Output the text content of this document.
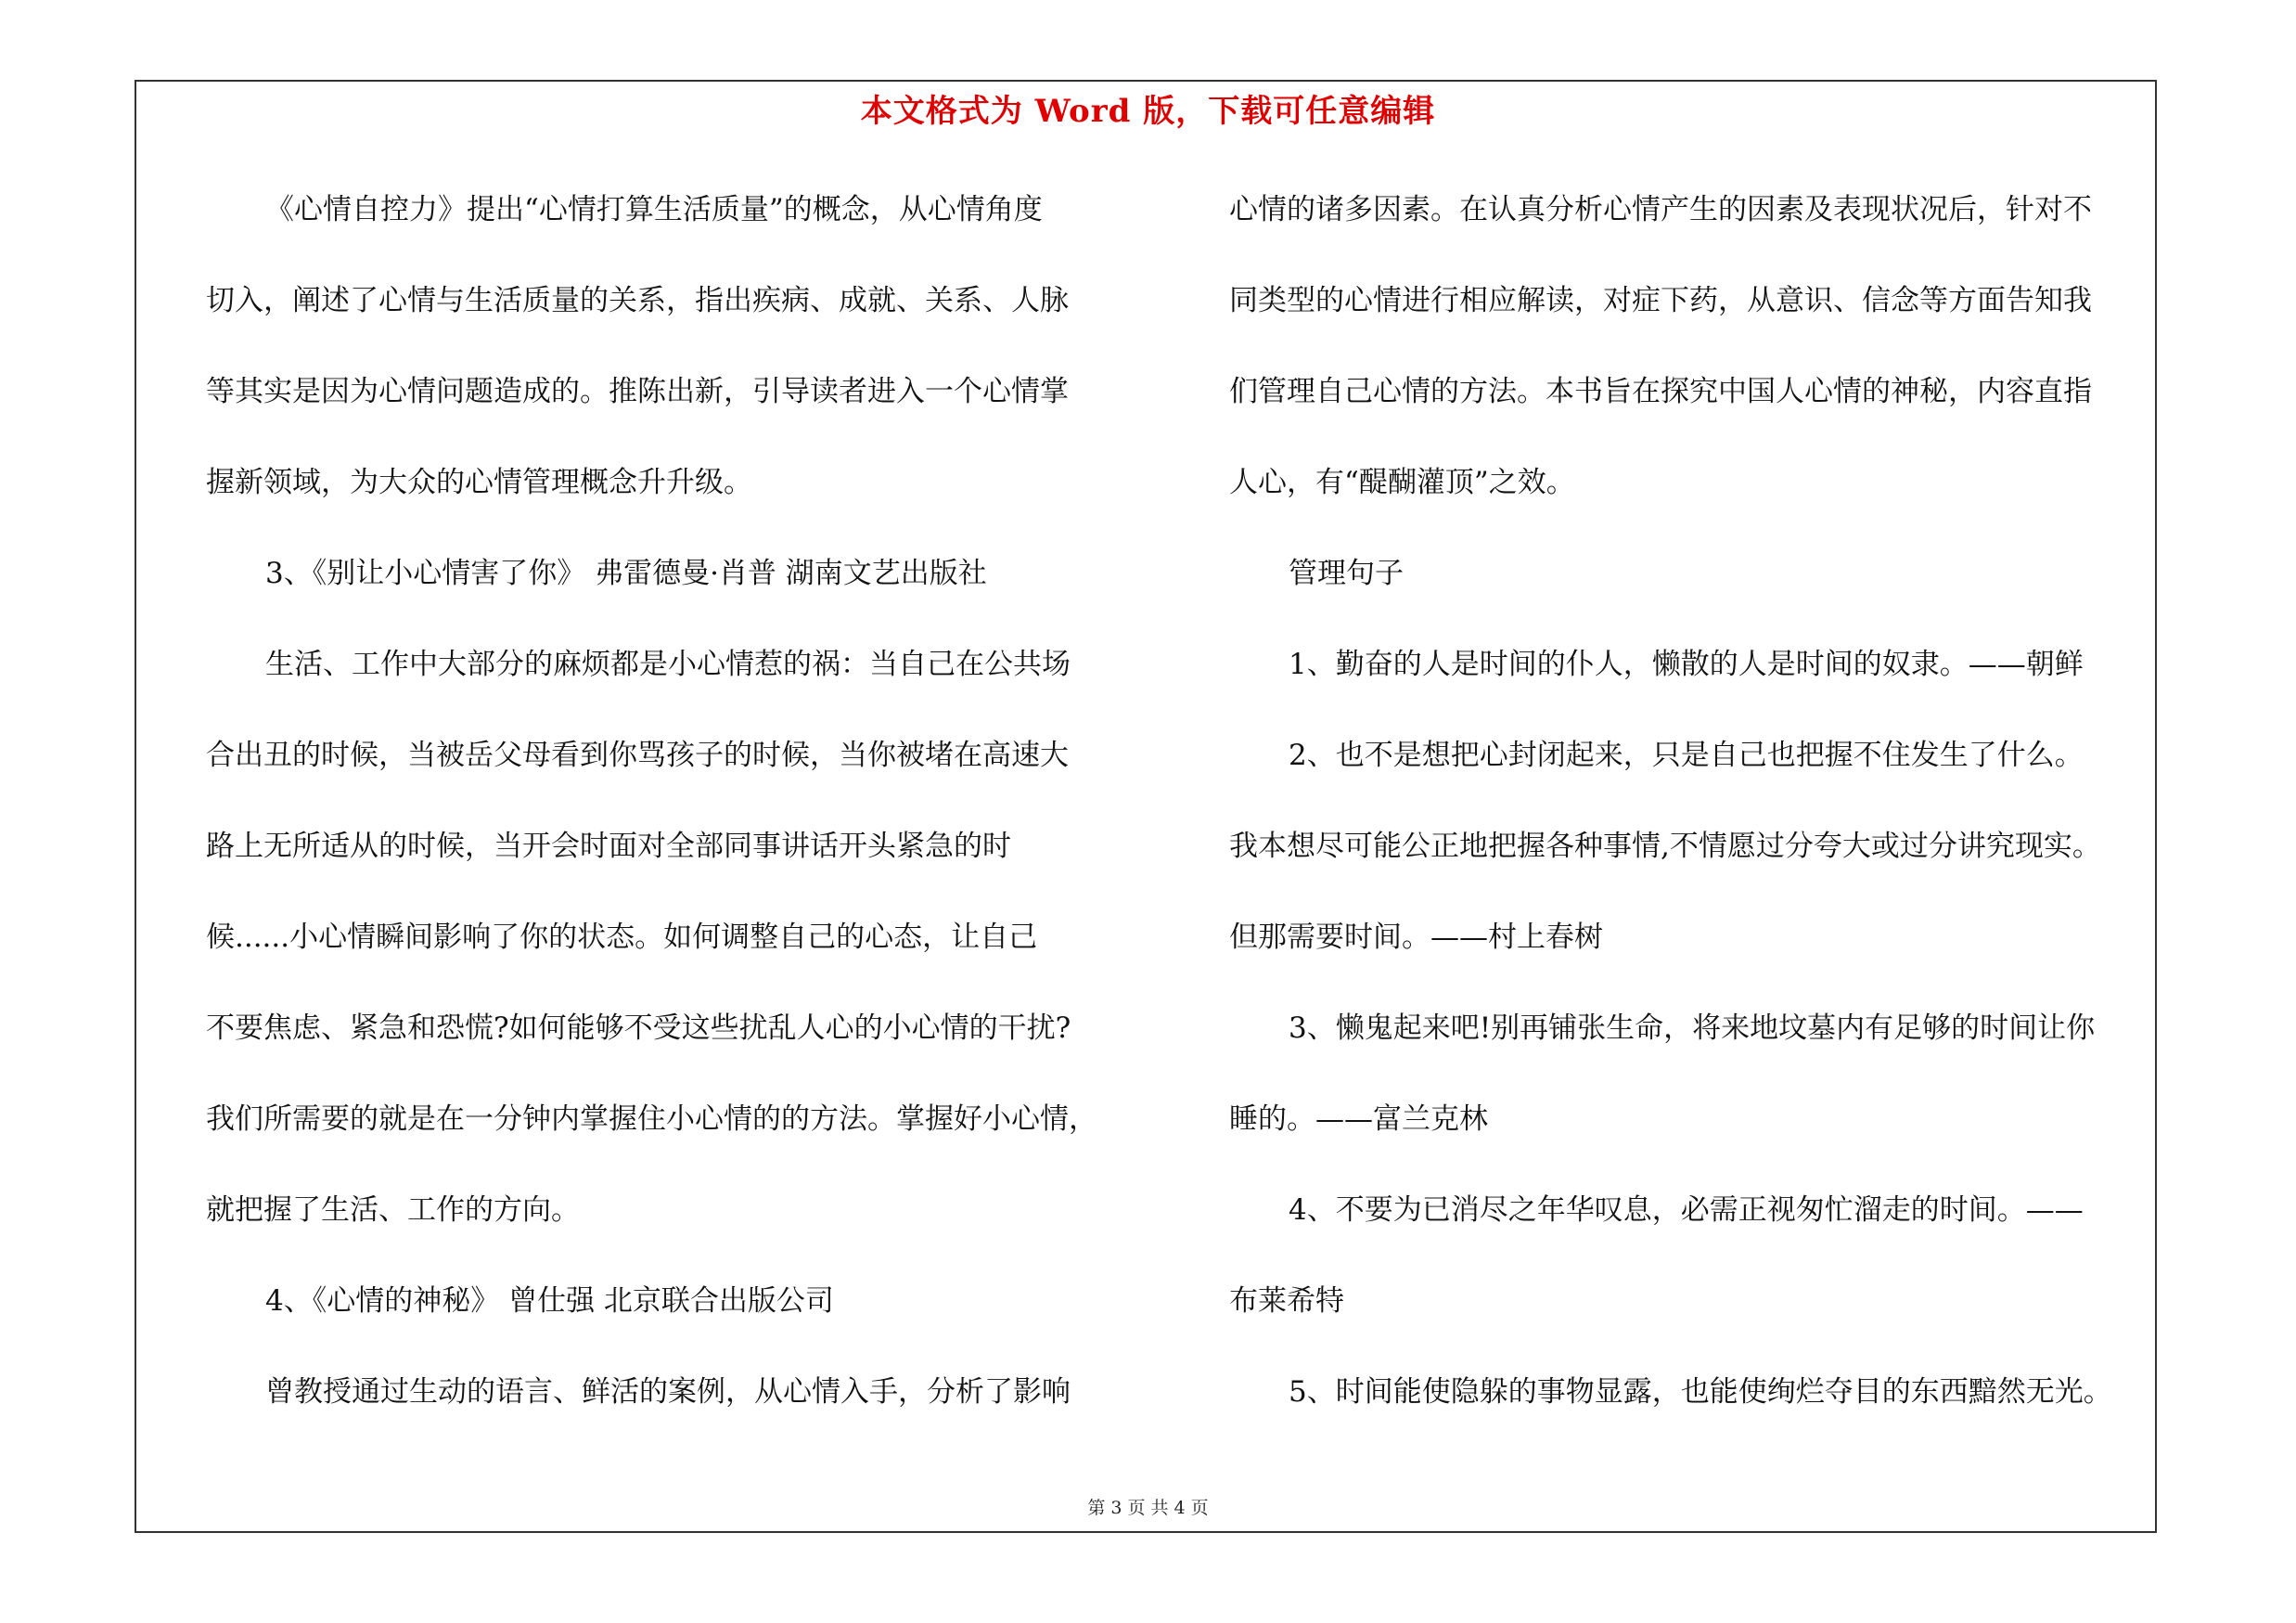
本文格式为 Word 版，下载可任意编辑
《心情自控力》提出“心情打算生活质量”的概念，从心情角度
切入，阐述了心情与生活质量的关系，指出疾病、成就、关系、人脉
等其实是因为心情问题造成的。推陈出新，引导读者进入一个心情掌
握新领域，为大众的心情管理概念升升级。
3、《别让小心情害了你》 弗雷德曼·肖普 湖南文艺出版社
生活、工作中大部分的麻烦都是小心情惹的祸：当自己在公共场
合出丑的时候，当被岳父母看到你骂孩子的时候，当你被堵在高速大
路上无所适从的时候，当开会时面对全部同事讲话开头紧急的时
候......小心情瞬间影响了你的状态。如何调整自己的心态，让自己
不要焦虑、紧急和恐慌?如何能够不受这些扰乱人心的小心情的干扰?
我们所需要的就是在一分钟内掌握住小心情的的方法。掌握好小心情，
就把握了生活、工作的方向。
4、《心情的神秘》 曾仕强 北京联合出版公司
曾教授通过生动的语言、鲜活的案例，从心情入手，分析了影响
心情的诸多因素。在认真分析心情产生的因素及表现状况后，针对不
同类型的心情进行相应解读，对症下药，从意识、信念等方面告知我
们管理自己心情的方法。本书旨在探究中国人心情的神秘，内容直指
人心，有“醍醐灌顶”之效。
管理句子
1、勤奋的人是时间的仆人，懒散的人是时间的奴隶。——朝鲜
2、也不是想把心封闭起来，只是自己也把握不住发生了什么。
我本想尽可能公正地把握各种事情,不情愿过分夸大或过分讲究现实。
但那需要时间。——村上春树
3、懒鬼起来吧!别再铺张生命，将来地坟墓内有足够的时间让你
睡的。——富兰克林
4、不要为已消尽之年华叹息，必需正视匆忙溜走的时间。——
布莱希特
5、时间能使隐躲的事物显露，也能使绚烂夺目的东西黯然无光。
第 3 页 共 4 页
